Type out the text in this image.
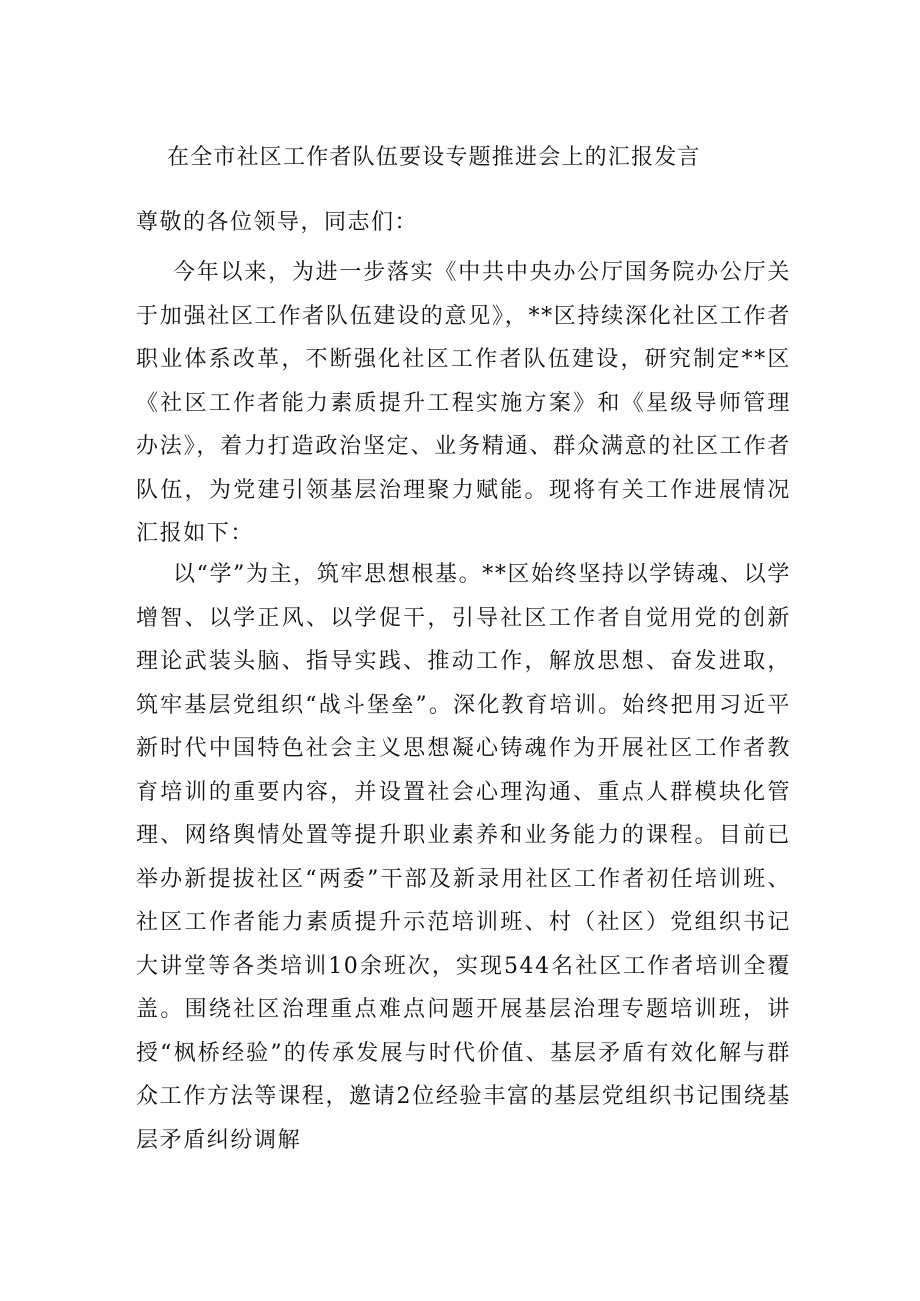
在全市社区工作者队伍要设专题推进会上的汇报发言
尊敬的各位领导，同志们：
今年以来，为进一步落实《中共中央办公厅国务院办公厅关于加强社区工作者队伍建设的意见》，**区持续深化社区工作者职业体系改革，不断强化社区工作者队伍建设，研究制定**区《社区工作者能力素质提升工程实施方案》和《星级导师管理办法》，着力打造政治坚定、业务精通、群众满意的社区工作者队伍，为党建引领基层治理聚力赋能。现将有关工作进展情况汇报如下：
以“学”为主，筑牢思想根基。**区始终坚持以学铸魂、以学增智、以学正风、以学促干，引导社区工作者自觉用党的创新理论武装头脑、指导实践、推动工作，解放思想、奋发进取，筑牢基层党组织“战斗堡垒”。深化教育培训。始终把用习近平新时代中国特色社会主义思想凝心铸魂作为开展社区工作者教育培训的重要内容，并设置社会心理沟通、重点人群模块化管理、网络舆情处置等提升职业素养和业务能力的课程。目前已举办新提拔社区“两委”干部及新录用社区工作者初任培训班、社区工作者能力素质提升示范培训班、村（社区）党组织书记大讲堂等各类培训10余班次，实现544名社区工作者培训全覆盖。围绕社区治理重点难点问题开展基层治理专题培训班，讲授“枫桥经验”的传承发展与时代价值、基层矛盾有效化解与群众工作方法等课程，邀请2位经验丰富的基层党组织书记围绕基层矛盾纠纷调解
